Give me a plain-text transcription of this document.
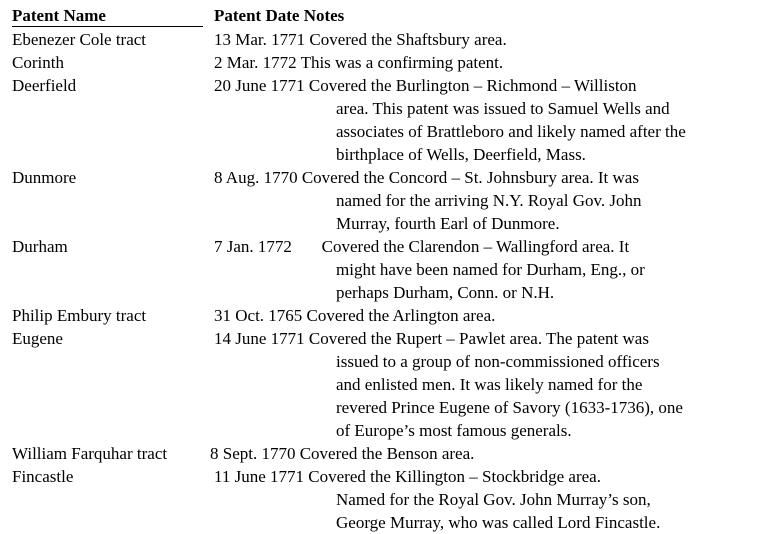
Patent Name	Patent Date Notes
Ebenezer Cole tract	13 Mar. 1771 Covered the Shaftsbury area.
Corinth	2 Mar. 1772 This was a confirming patent.
Deerfield	20 June 1771 Covered the Burlington – Richmond – Williston
area. This patent was issued to Samuel Wells and
associates of Brattleboro and likely named after the
birthplace of Wells, Deerfield, Mass.
Dunmore	8 Aug. 1770 Covered the Concord – St. Johnsbury area. It was
named for the arriving N.Y. Royal Gov. John
Murray, fourth Earl of Dunmore.
Durham	7 Jan. 1772       Covered the Clarendon – Wallingford area. It
might have been named for Durham, Eng., or
perhaps Durham, Conn. or N.H.
Philip Embury tract	31 Oct. 1765 Covered the Arlington area.
Eugene	14 June 1771 Covered the Rupert – Pawlet area. The patent was
issued to a group of non-commissioned officers
and enlisted men. It was likely named for the
revered Prince Eugene of Savory (1633-1736), one
of Europe’s most famous generals.
William Farquhar tract	8 Sept. 1770 Covered the Benson area.
Fincastle	11 June 1771 Covered the Killington – Stockbridge area.
Named for the Royal Gov. John Murray’s son,
George Murray, who was called Lord Fincastle.
